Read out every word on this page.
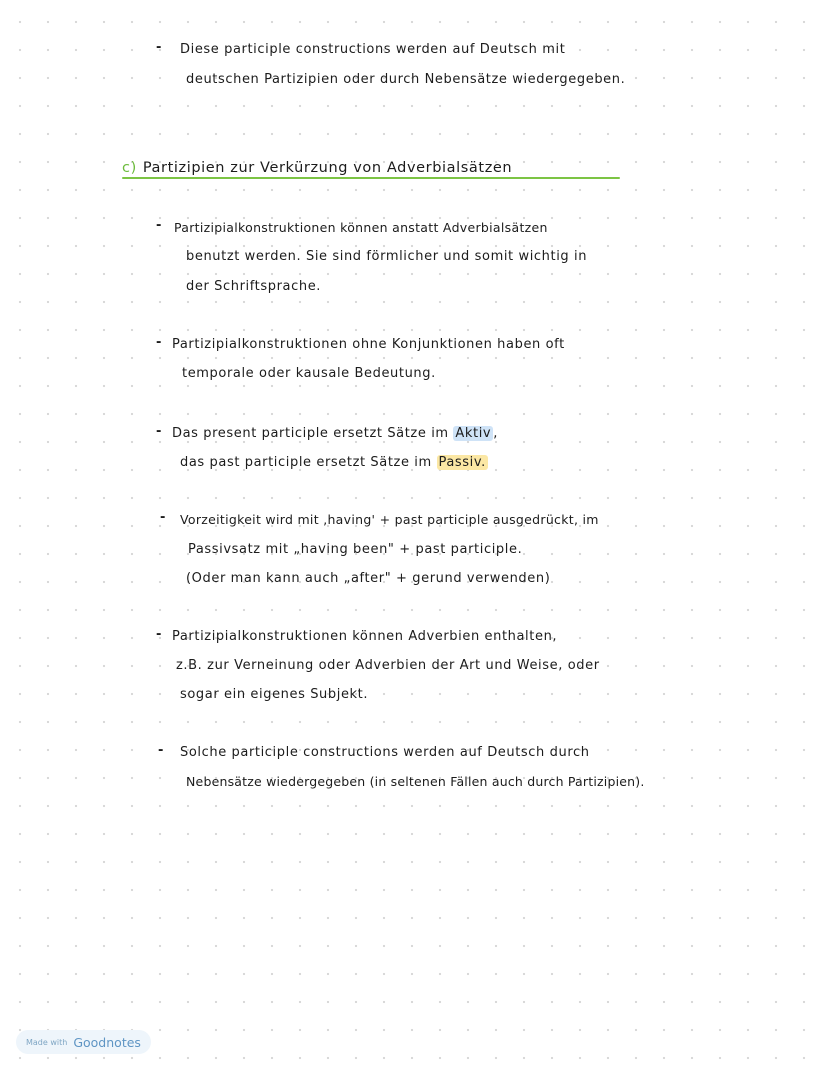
- Diese participle constructions werden auf Deutsch mit
deutschen Partizipien oder durch Nebensätze wiedergegeben.
c) Partizipien zur Verkürzung von Adverbialsätzen
- Partizipialkonstruktionen können anstatt Adverbialsätzen
benutzt werden. Sie sind förmlicher und somit wichtig in
der Schriftsprache.
- Partizipialkonstruktionen ohne Konjunktionen haben oft
temporale oder kausale Bedeutung.
- Das present participle ersetzt Sätze im Aktiv ,
das past participle ersetzt Sätze im Passiv.
- Vorzeitigkeit wird mit ‚having' + past participle ausgedrückt, im
Passivsatz mit „having been" + past participle.
(Oder man kann auch „after" + gerund verwenden)
- Partizipialkonstruktionen können Adverbien enthalten,
z.B. zur Verneinung oder Adverbien der Art und Weise, oder
sogar ein eigenes Subjekt.
- Solche participle constructions werden auf Deutsch durch
Nebensätze wiedergegeben (in seltenen Fällen auch durch Partizipien).
Made with Goodnotes
